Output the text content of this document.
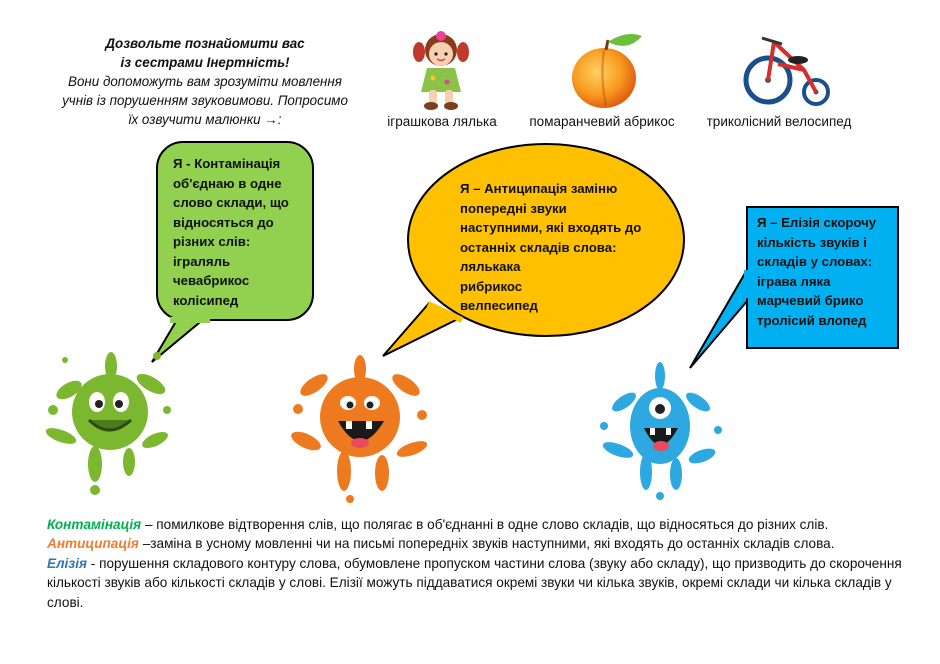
Дозвольте познайомити вас
із сестрами Інертність!
Вони допоможуть вам зрозуміти мовлення
учнів із порушенням звуковимови. Попросимо
їх озвучити малюнки →:	іграшкова лялька	помаранчевий абрикос	триколісний велосипед
Я - Контамінація
об'єднаю в одне
слово склади, що
відносяться до
різних слів:
іграляль
чевабрикос
колісипед
Я – Антиципація заміню
попередні звуки
наступними, які входять до
останніх складів слова:
лялькака
рибрикос
велпесипед
Я – Елізія скорочу
кількість звуків і
складів у словах:
іграва ляка
марчевий брико
тролісий влопед

Контамінація – помилкове відтворення слів, що полягає в об'єднанні в одне слово складів, що відносяться до різних слів.

Антиципація –заміна в усному мовленні чи на письмі попередніх звуків наступними, які входять до останніх складів слова.

Елізія - порушення складового контуру слова, обумовлене пропуском частини слова (звуку або складу), що призводить до скорочення кількості звуків або кількості складів у слові. Елізії можуть піддаватися окремі звуки чи кілька звуків, окремі склади чи кілька складів у слові.
